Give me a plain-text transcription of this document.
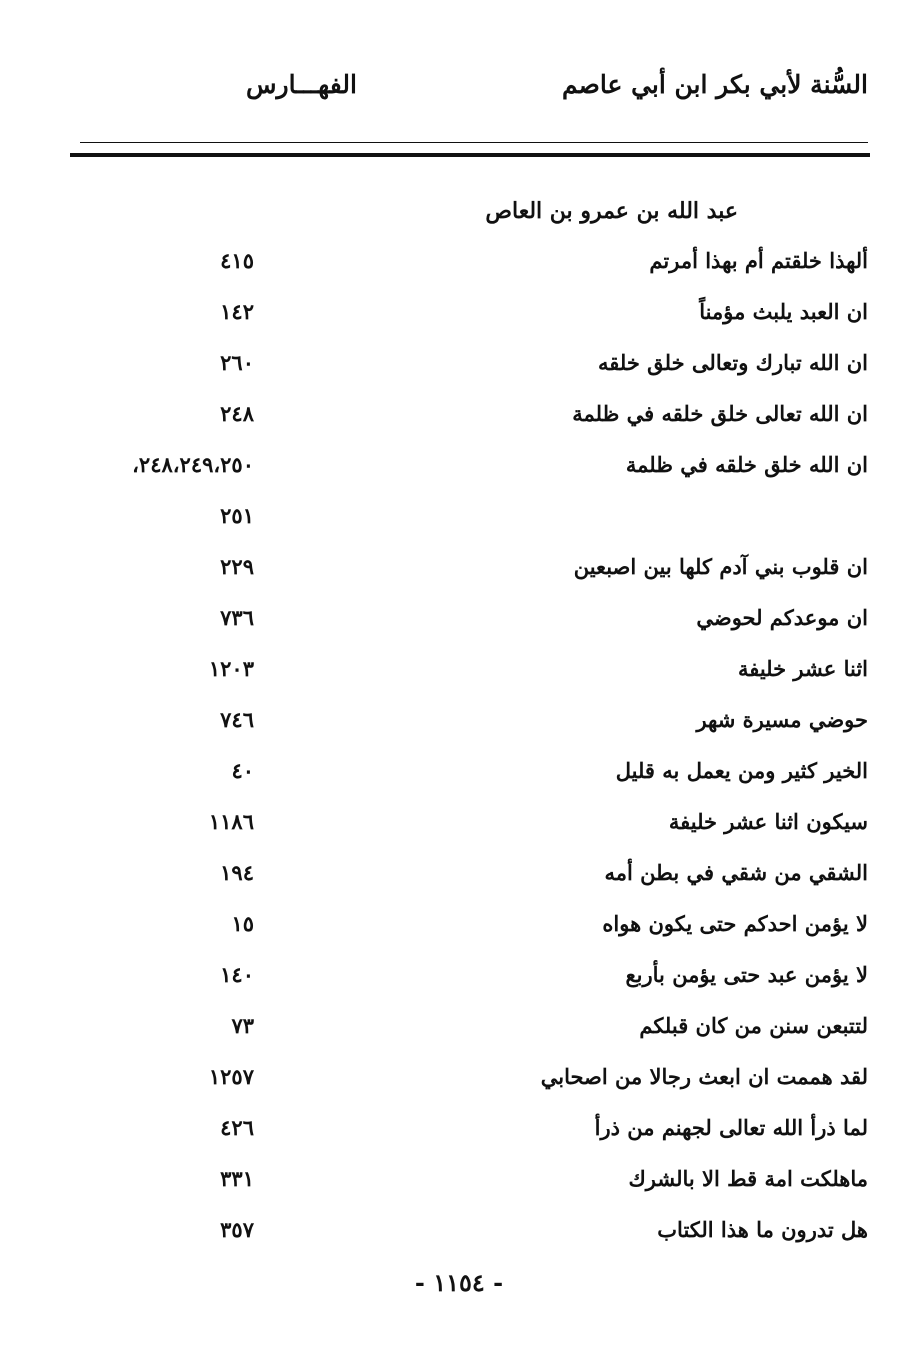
السُّنة لأبي بكر ابن أبي عاصم
الفهـــارس
عبد الله بن عمرو بن العاص
ألهذا خلقتم أم بهذا أمرتم
٤١٥
ان العبد يلبث مؤمناً
١٤٢
ان الله تبارك وتعالى خلق خلقه
٢٦٠
ان الله تعالى خلق خلقه في ظلمة
٢٤٨
ان الله خلق خلقه في ظلمة
٢٤٨،٢٤٩،٢٥٠،
٢٥١
ان قلوب بني آدم كلها بين اصبعين
٢٢٩
ان موعدكم لحوضي
٧٣٦
اثنا عشر خليفة
١٢٠٣
حوضي مسيرة شهر
٧٤٦
الخير كثير ومن يعمل به قليل
٤٠
سيكون اثنا عشر خليفة
١١٨٦
الشقي من شقي في بطن أمه
١٩٤
لا يؤمن احدكم حتى يكون هواه
١٥
لا يؤمن عبد حتى يؤمن بأربع
١٤٠
لتتبعن سنن من كان قبلكم
٧٣
لقد هممت ان ابعث رجالا من اصحابي
١٢٥٧
لما ذرأ الله تعالى لجهنم من ذرأ
٤٢٦
ماهلكت امة قط الا بالشرك
٣٣١
هل تدرون ما هذا الكتاب
٣٥٧
- ١١٥٤ -
